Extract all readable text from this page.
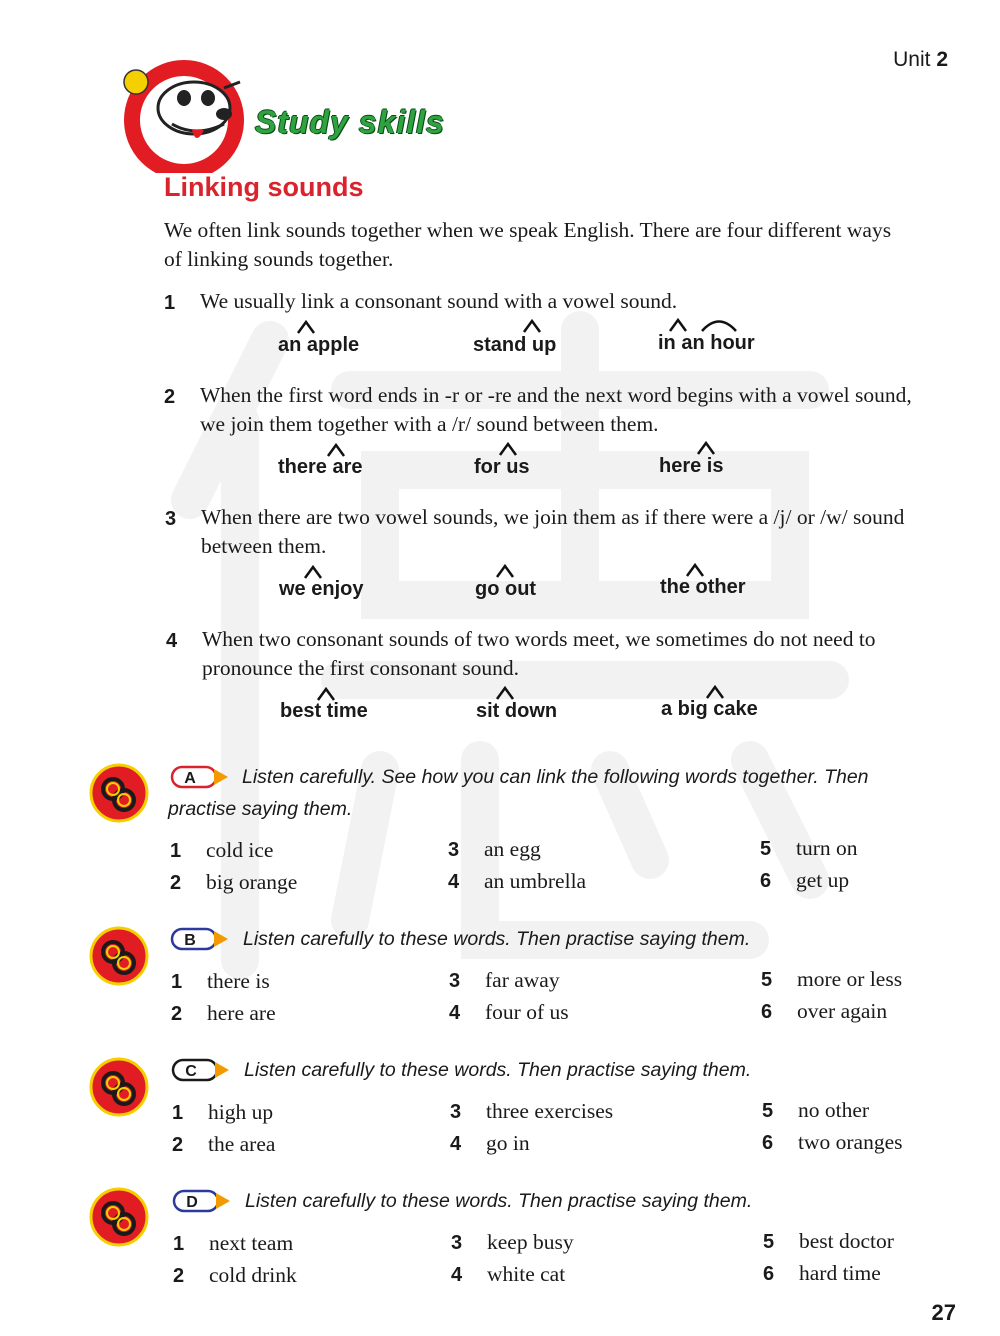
Unit 2
Study skills
Linking sounds
We often link sounds together when we speak English. There are four different ways of linking sounds together.
1 We usually link a consonant sound with a vowel sound.
an apple	stand up	in an hour
2 When the first word ends in -r or -re and the next word begins with a vowel sound, we join them together with a /r/ sound between them.
there are	for us	here is
3 When there are two vowel sounds, we join them as if there were a /j/ or /w/ sound between them.
we enjoy	go out	the other
4 When two consonant sounds of two words meet, we sometimes do not need to pronounce the first consonant sound.
best time	sit down	a big cake
A	Listen carefully. See how you can link the following words together. Then practise saying them.
1 cold ice
2 big orange
3 an egg
4 an umbrella
5 turn on
6 get up
B Listen carefully to these words. Then practise saying them.
1 there is
2 here are
3 far away
4 four of us
5 more or less
6 over again
C Listen carefully to these words. Then practise saying them.
1 high up
2 the area
3 three exercises
4 go in
5 no other
6 two oranges
D Listen carefully to these words. Then practise saying them.
1 next team
2 cold drink
3 keep busy
4 white cat
5 best doctor
6 hard time
27
